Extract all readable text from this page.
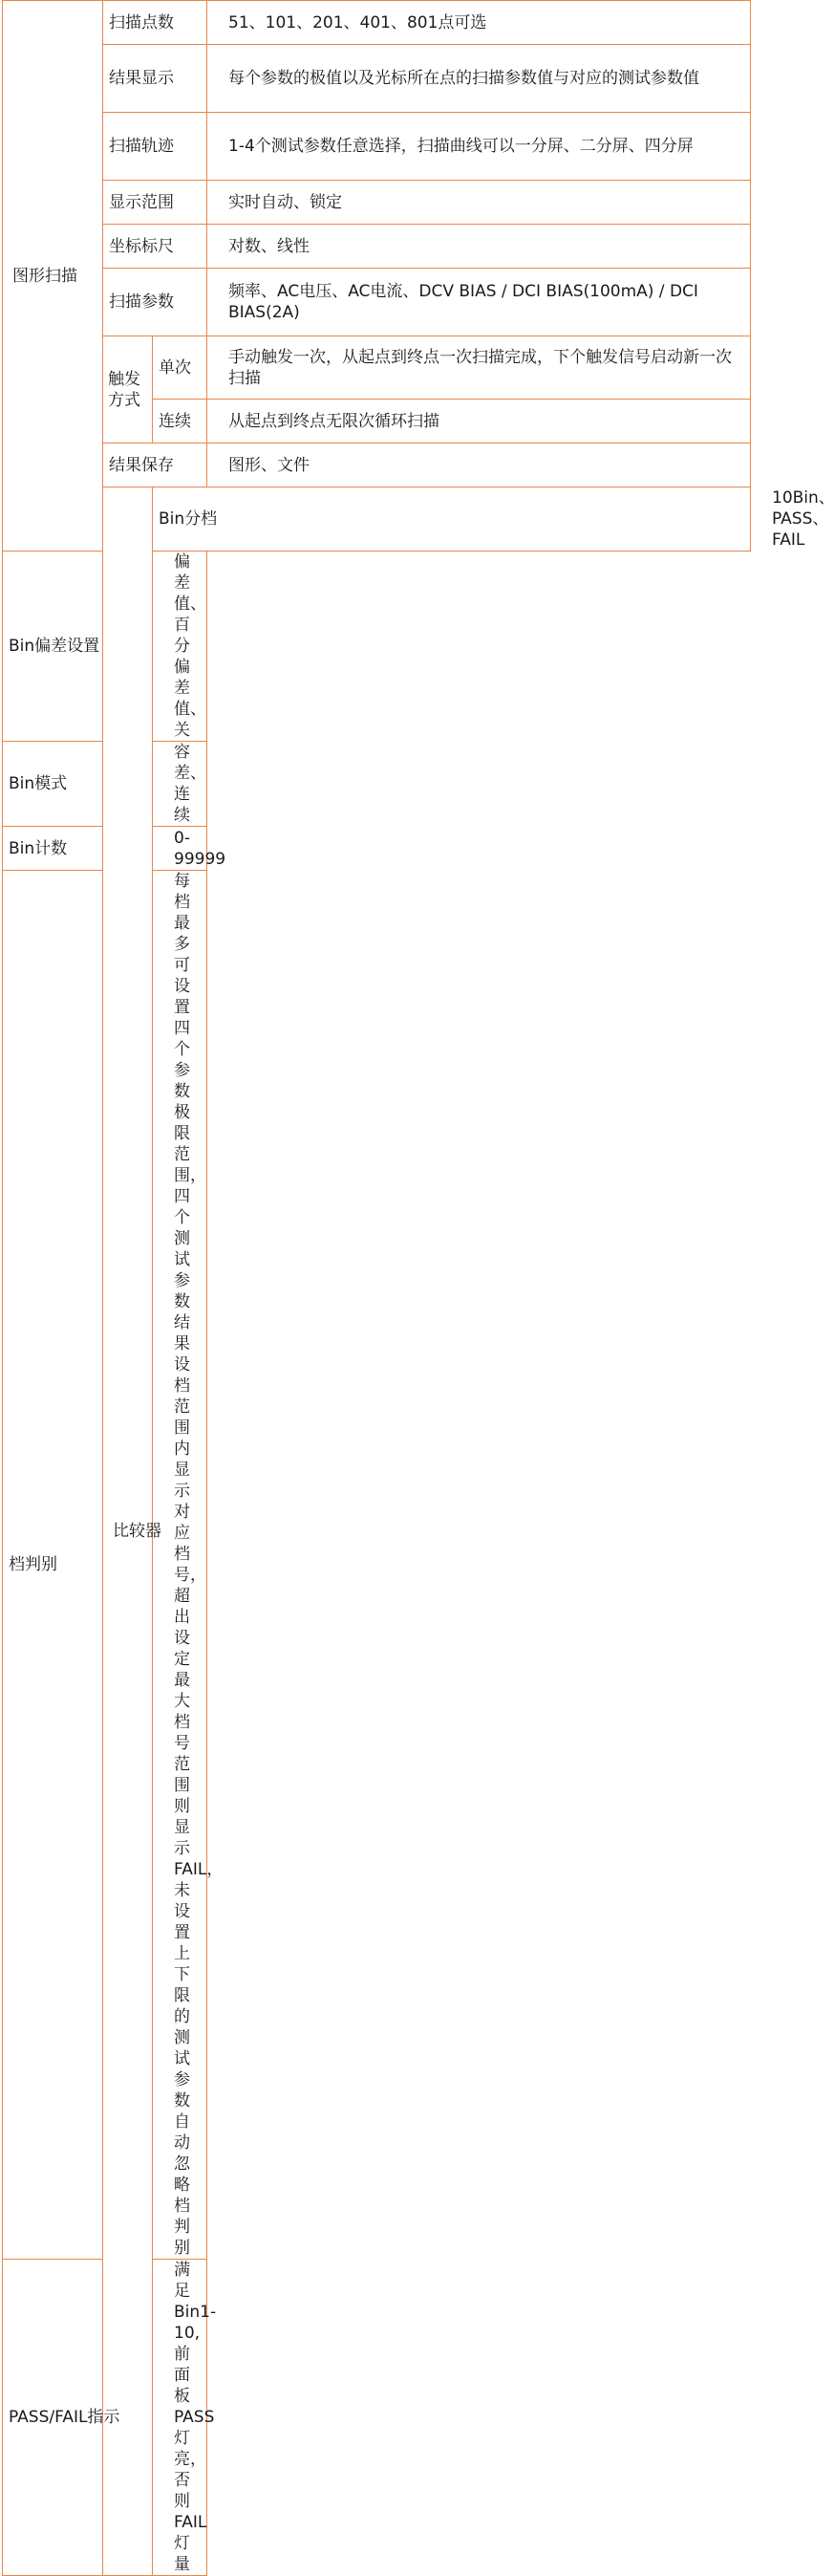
图形扫描	扫描点数		51、101、201、401、801点可选	
	结果显示		每个参数的极值以及光标所在点的扫描参数值与对应的测试参数值	
	扫描轨迹		1-4个测试参数任意选择，扫描曲线可以一分屏、二分屏、四分屏	
	显示范围		实时自动、锁定	
	坐标标尺		对数、线性	
	扫描参数		频率、AC电压、AC电流、DCV BIAS / DCI BIAS(100mA) / DCI BIAS(2A)	
	触发方式	单次	手动触发一次，从起点到终点一次扫描完成，下个触发信号启动新一次扫描	
		连续	从起点到终点无限次循环扫描	
	结果保存		图形、文件	
	比较器	Bin分档		10Bin、PASS、FAIL
Bin偏差设置		偏差值、百分偏差值、关		
Bin模式		容差、连续		
Bin计数		0-99999		
档判别		每档最多可设置四个参数极限范围，四个测试参数结果设档范围内显示对应档号，超出设定最大档号范围则显示FAIL，未设置上下限的测试参数自动忽略档判别		
PASS/FAIL指示		满足Bin1-10,前面板PASS灯亮，否则FAIL灯量		
